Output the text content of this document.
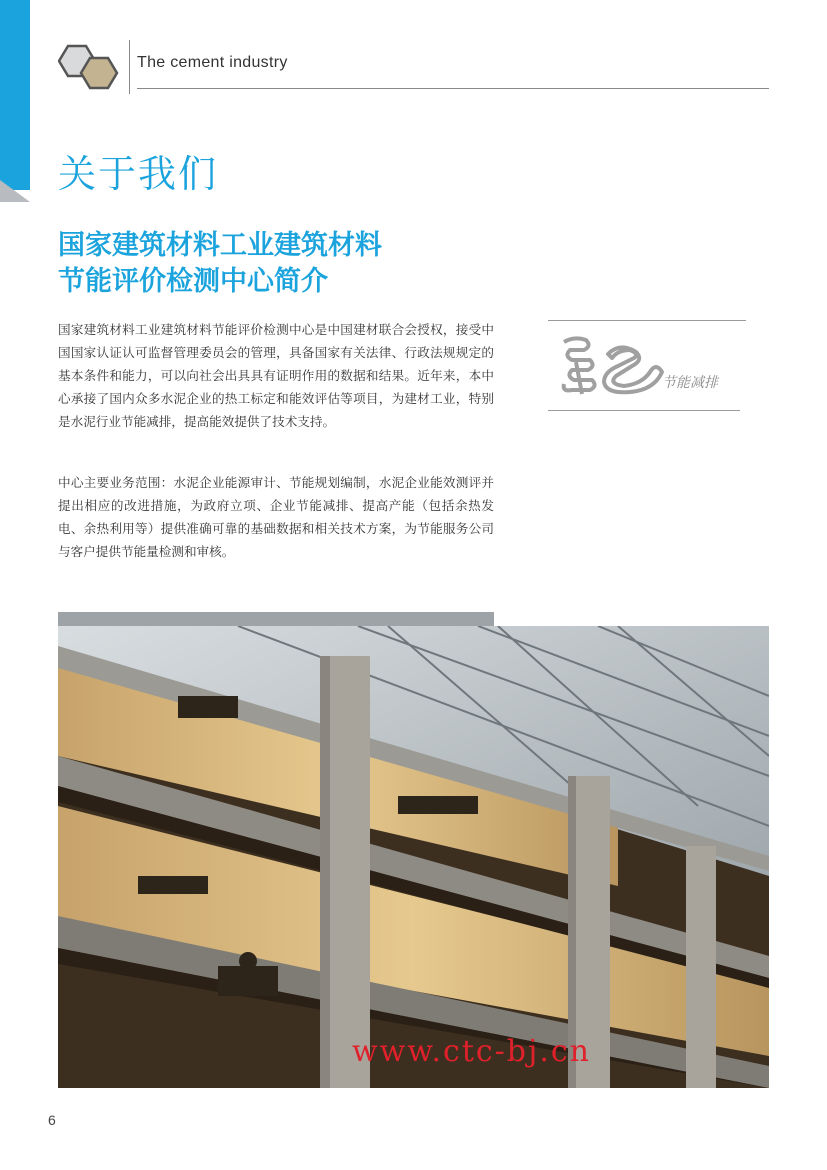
The cement industry
关于我们
国家建筑材料工业建筑材料
节能评价检测中心简介

国家建筑材料工业建筑材料节能评价检测中心是中国建材联合会授权，接受中国国家认证认可监督管理委员会的管理，具备国家有关法律、行政法规规定的基本条件和能力，可以向社会出具具有证明作用的数据和结果。近年来，本中心承接了国内众多水泥企业的热工标定和能效评估等项目，为建材工业，特别是水泥行业节能减排，提高能效提供了技术支持。

中心主要业务范围：水泥企业能源审计、节能规划编制，水泥企业能效测评并提出相应的改进措施，为政府立项、企业节能减排、提高产能（包括余热发电、余热利用等）提供准确可靠的基础数据和相关技术方案，为节能服务公司与客户提供节能量检测和审核。

节能减排
www.ctc-bj.cn
6
